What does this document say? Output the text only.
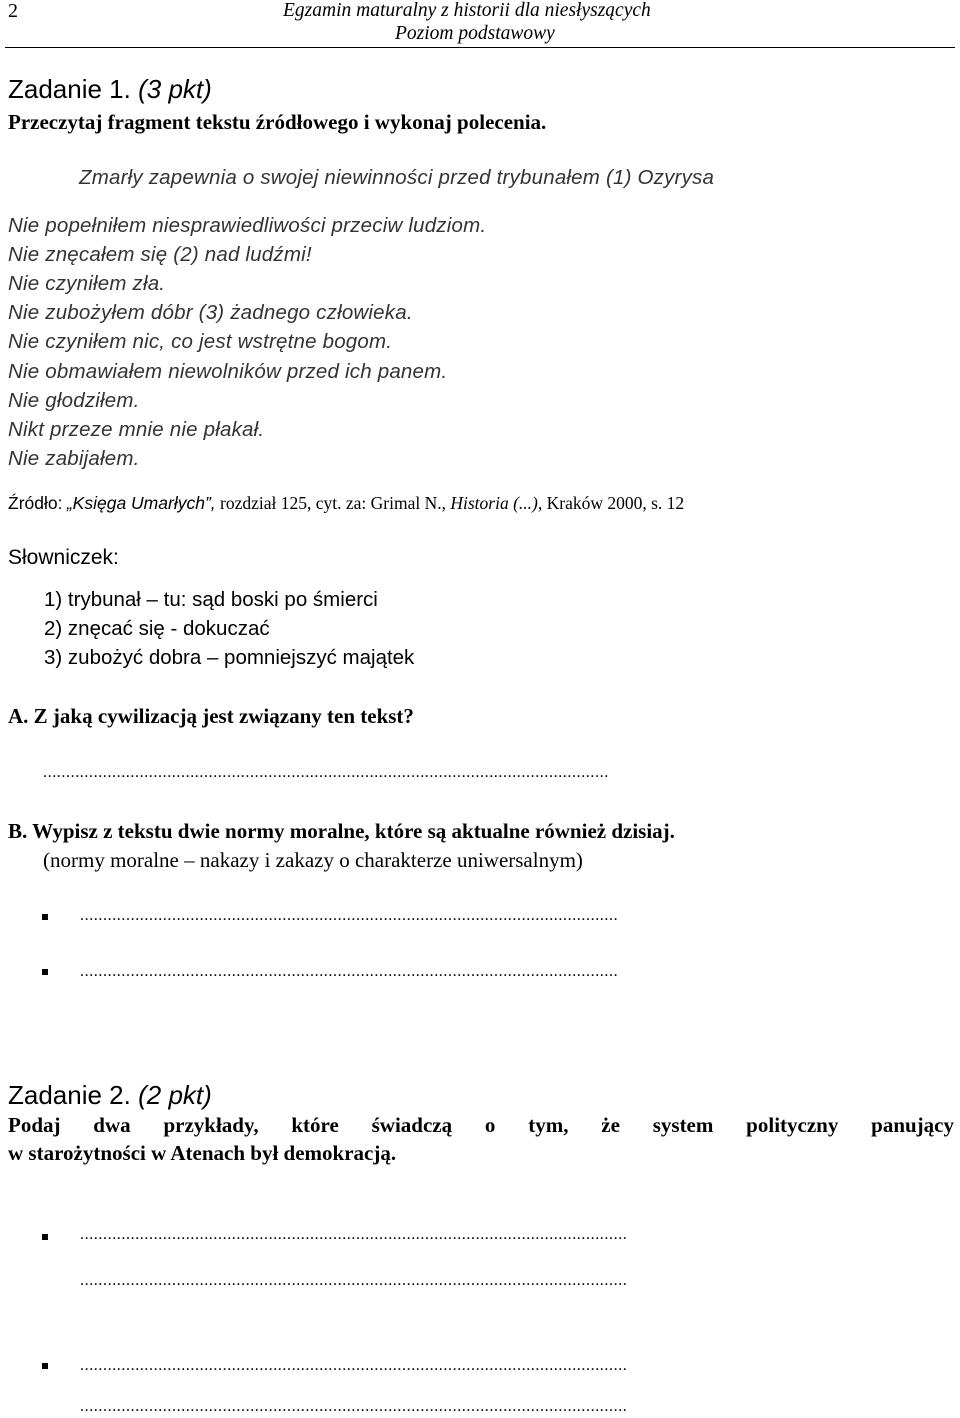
2	Egzamin maturalny z historii dla niesłyszących
Poziom podstawowy
Zadanie 1. (3 pkt)
Przeczytaj fragment tekstu źródłowego i wykonaj polecenia.
Zmarły zapewnia o swojej niewinności przed trybunałem (1) Ozyrysa
Nie popełniłem niesprawiedliwości przeciw ludziom.
Nie znęcałem się (2) nad ludźmi!
Nie czyniłem zła.
Nie zubożyłem dóbr (3) żadnego człowieka.
Nie czyniłem nic, co jest wstrętne bogom.
Nie obmawiałem niewolników przed ich panem.
Nie głodziłem.
Nikt przeze mnie nie płakał.
Nie zabijałem.
Źródło: „Księga Umarłych”, rozdział 125, cyt. za: Grimal N., Historia (...), Kraków 2000, s. 12
Słowniczek:
1) trybunał – tu: sąd boski po śmierci
2) znęcać się - dokuczać
3) zubożyć dobra – pomniejszyć majątek
A. Z jaką cywilizacją jest związany ten tekst?
...........................................................................................................................
B. Wypisz z tekstu dwie normy moralne, które są aktualne również dzisiaj.
(normy moralne – nakazy i zakazy o charakterze uniwersalnym)
.....................................................................................................................
.....................................................................................................................
Zadanie 2. (2 pkt)
Podaj dwa przykłady, które świadczą o tym, że system polityczny panujący
w starożytności w Atenach był demokracją.
.......................................................................................................................
.......................................................................................................................
.......................................................................................................................
.......................................................................................................................
